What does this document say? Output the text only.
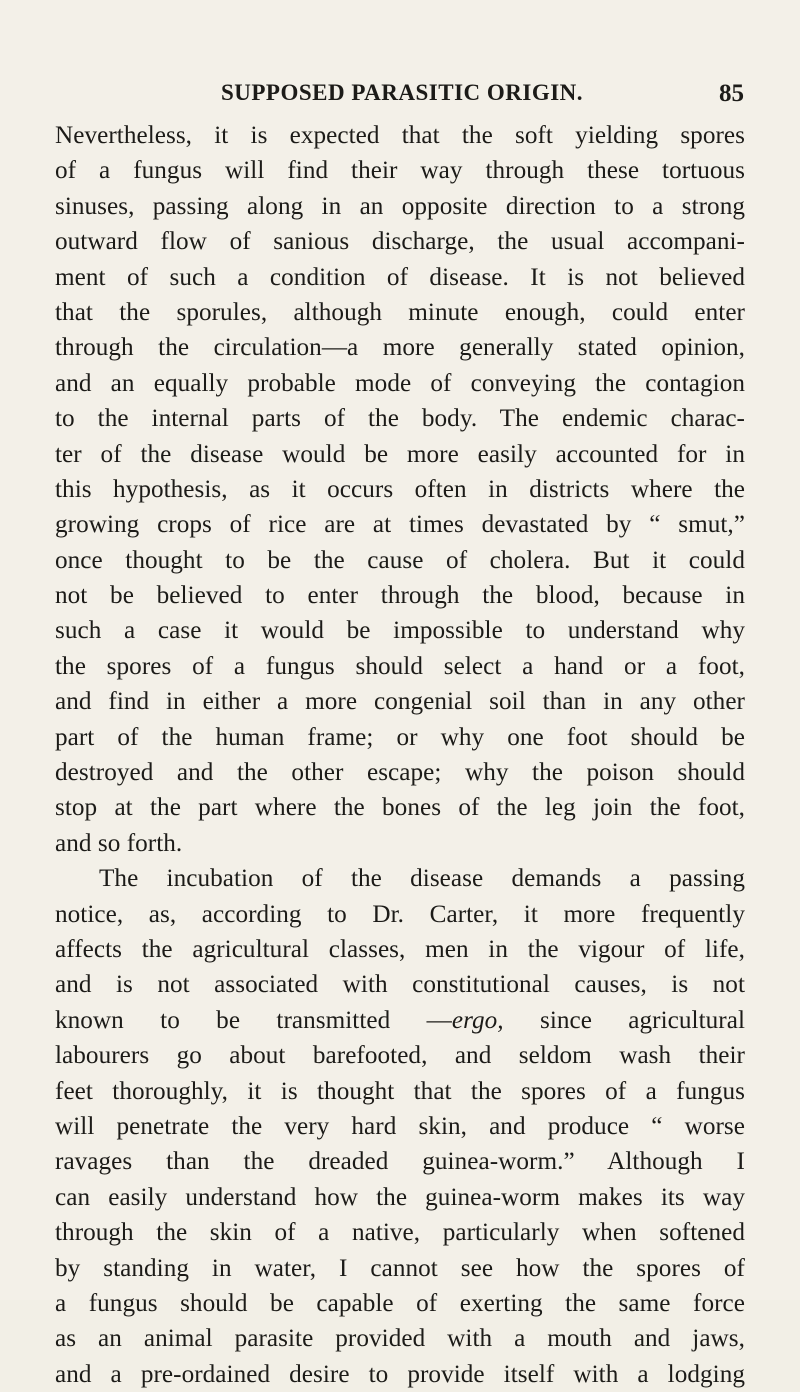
SUPPOSED PARASITIC ORIGIN.	85
Nevertheless, it is expected that the soft yielding spores
of a fungus will find their way through these tortuous
sinuses, passing along in an opposite direction to a strong
outward flow of sanious discharge, the usual accompani-
ment of such a condition of disease. It is not believed
that the sporules, although minute enough, could enter
through the circulation—a more generally stated opinion,
and an equally probable mode of conveying the contagion
to the internal parts of the body. The endemic charac-
ter of the disease would be more easily accounted for in
this hypothesis, as it occurs often in districts where the
growing crops of rice are at times devastated by “ smut,”
once thought to be the cause of cholera. But it could
not be believed to enter through the blood, because in
such a case it would be impossible to understand why
the spores of a fungus should select a hand or a foot,
and find in either a more congenial soil than in any other
part of the human frame; or why one foot should be
destroyed and the other escape; why the poison should
stop at the part where the bones of the leg join the foot,
and so forth.
The incubation of the disease demands a passing
notice, as, according to Dr. Carter, it more frequently
affects the agricultural classes, men in the vigour of life,
and is not associated with constitutional causes, is not
known to be transmitted —ergo, since agricultural
labourers go about barefooted, and seldom wash their
feet thoroughly, it is thought that the spores of a fungus
will penetrate the very hard skin, and produce “ worse
ravages than the dreaded guinea-worm.” Although I
can easily understand how the guinea-worm makes its way
through the skin of a native, particularly when softened
by standing in water, I cannot see how the spores of
a fungus should be capable of exerting the same force
as an animal parasite provided with a mouth and jaws,
and a pre-ordained desire to provide itself with a lodging
